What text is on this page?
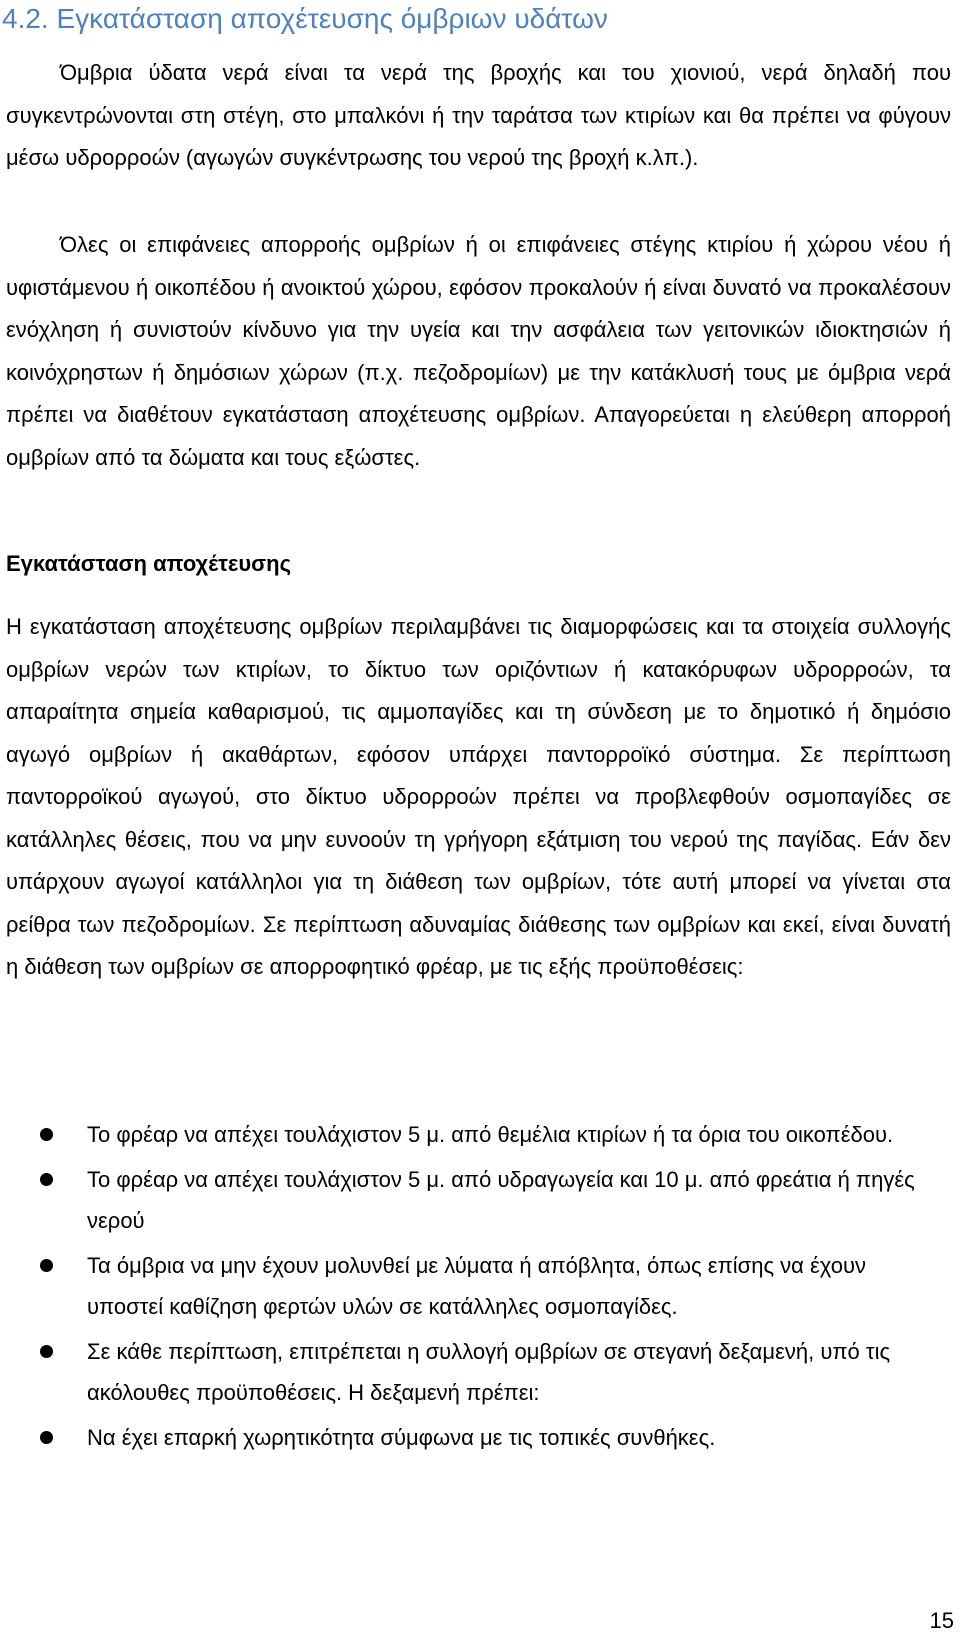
4.2. Εγκατάσταση αποχέτευσης όμβριων υδάτων

Όμβρια ύδατα νερά είναι τα νερά της βροχής και του χιονιού, νερά δηλαδή που συγκεντρώνονται στη στέγη, στο μπαλκόνι ή την ταράτσα των κτιρίων και θα πρέπει να φύγουν μέσω υδρορροών (αγωγών συγκέντρωσης του νερού της βροχή κ.λπ.).

Όλες οι επιφάνειες απορροής ομβρίων ή οι επιφάνειες στέγης κτιρίου ή χώρου νέου ή υφιστάμενου ή οικοπέδου ή ανοικτού χώρου, εφόσον προκαλούν ή είναι δυνατό να προκαλέσουν ενόχληση ή συνιστούν κίνδυνο για την υγεία και την ασφάλεια των γειτονικών ιδιοκτησιών ή κοινόχρηστων ή δημόσιων χώρων (π.χ. πεζοδρομίων) με την κατάκλυσή τους με όμβρια νερά πρέπει να διαθέτουν εγκατάσταση αποχέτευσης ομβρίων. Απαγορεύεται η ελεύθερη απορροή ομβρίων από τα δώματα και τους εξώστες.

Εγκατάσταση αποχέτευσης

Η εγκατάσταση αποχέτευσης ομβρίων περιλαμβάνει τις διαμορφώσεις και τα στοιχεία συλλογής ομβρίων νερών των κτιρίων, το δίκτυο των οριζόντιων ή κατακόρυφων υδρορροών, τα απαραίτητα σημεία καθαρισμού, τις αμμοπαγίδες και τη σύνδεση με το δημοτικό ή δημόσιο αγωγό ομβρίων ή ακαθάρτων, εφόσον υπάρχει παντορροϊκό σύστημα. Σε περίπτωση παντορροϊκού αγωγού, στο δίκτυο υδρορροών πρέπει να προβλεφθούν οσμοπαγίδες σε κατάλληλες θέσεις, που να μην ευνοούν τη γρήγορη εξάτμιση του νερού της παγίδας. Εάν δεν υπάρχουν αγωγοί κατάλληλοι για τη διάθεση των ομβρίων, τότε αυτή μπορεί να γίνεται στα ρείθρα των πεζοδρομίων. Σε περίπτωση αδυναμίας διάθεσης των ομβρίων και εκεί, είναι δυνατή η διάθεση των ομβρίων σε απορροφητικό φρέαρ, με τις εξής προϋποθέσεις:

Το φρέαρ να απέχει τουλάχιστον 5 μ. από θεμέλια κτιρίων ή τα όρια του οικοπέδου.
Το φρέαρ να απέχει τουλάχιστον 5 μ. από υδραγωγεία και 10 μ. από φρεάτια ή πηγές νερού
Τα όμβρια να μην έχουν μολυνθεί με λύματα ή απόβλητα, όπως επίσης να έχουν υποστεί καθίζηση φερτών υλών σε κατάλληλες οσμοπαγίδες.
Σε κάθε περίπτωση, επιτρέπεται η συλλογή ομβρίων σε στεγανή δεξαμενή, υπό τις ακόλουθες προϋποθέσεις. Η δεξαμενή πρέπει:
Να έχει επαρκή χωρητικότητα σύμφωνα με τις τοπικές συνθήκες.
15
